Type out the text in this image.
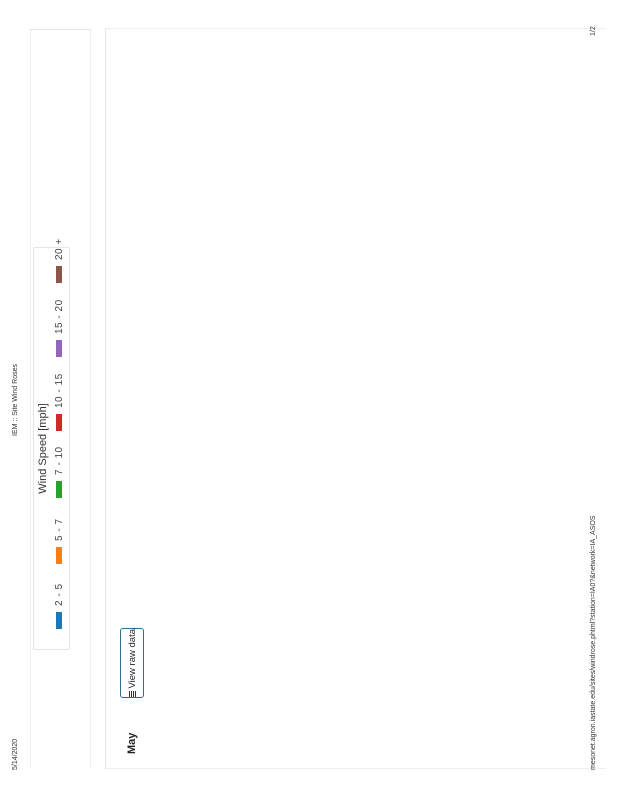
5/14/2020
IEM :: Site Wind Roses
Wind Speed [mph]
2 - 5
5 - 7
7 - 10
10 - 15
15 - 20
20 +
May
View raw data	mesonet.agron.iastate.edu/sites/windrose.phtml?station=IA0?&network=IA_ASOS
1/2
